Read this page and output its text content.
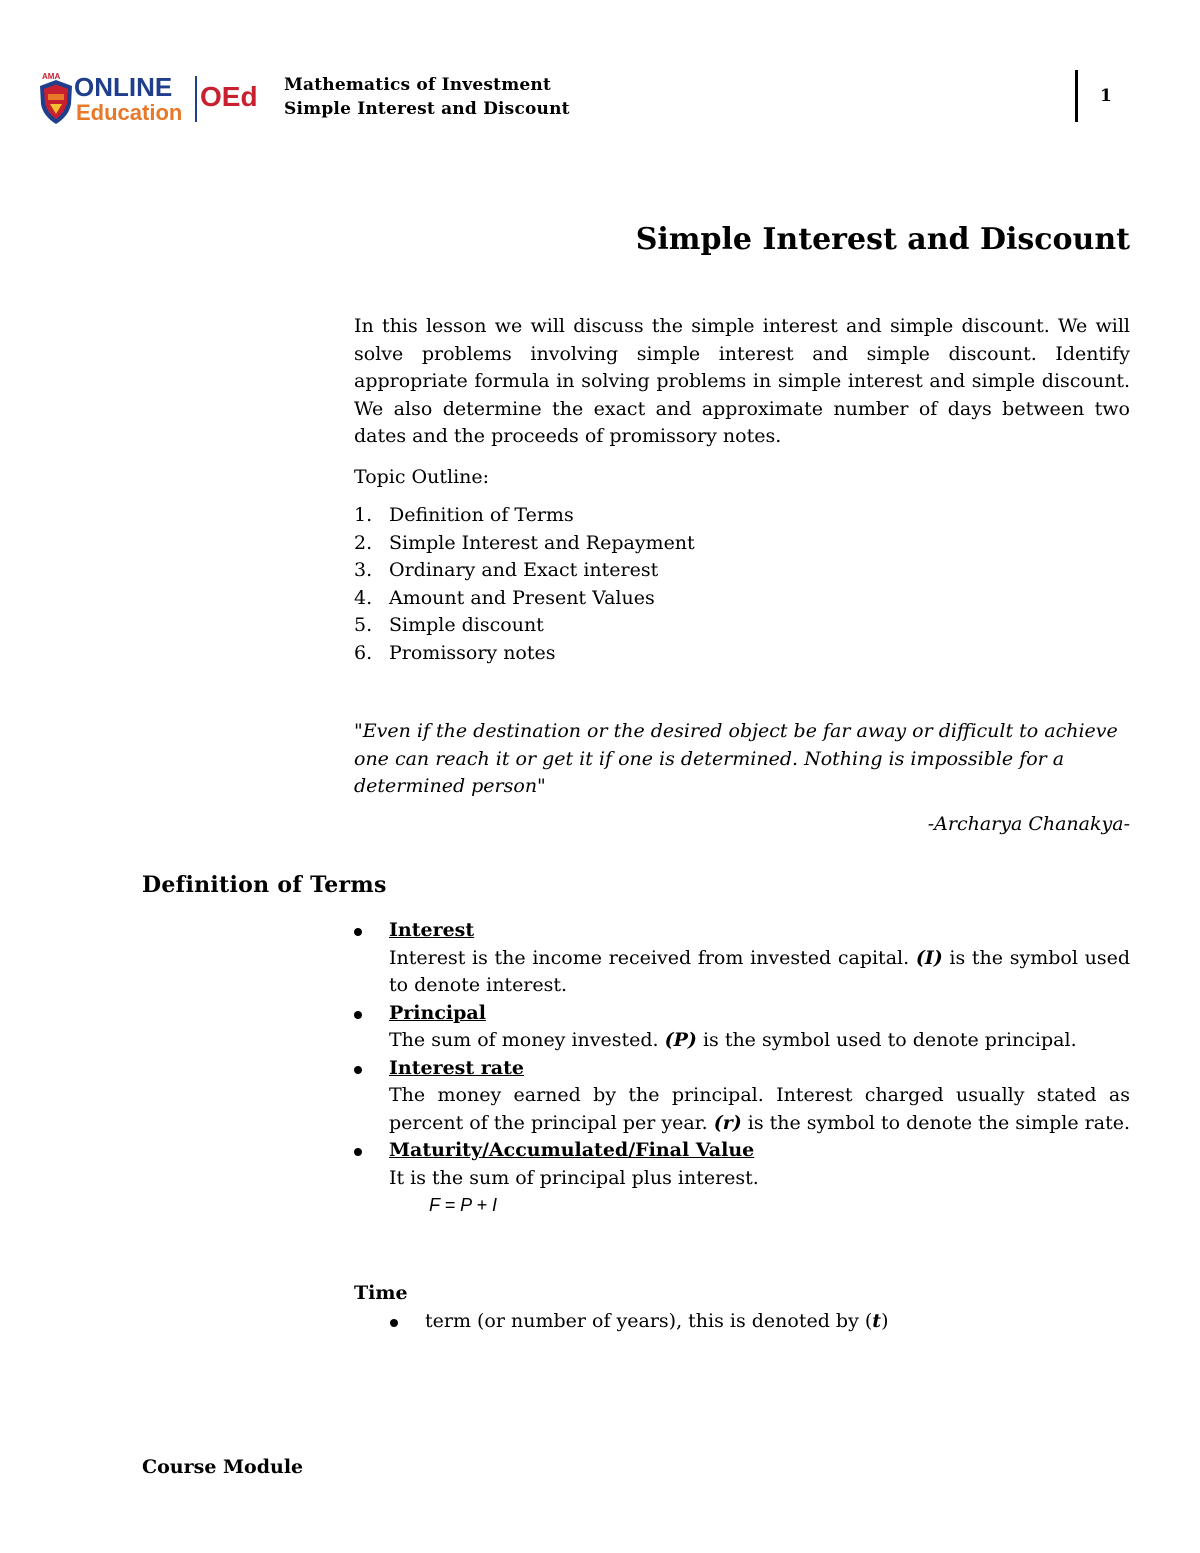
AMA ONLINE
Education
OEd Mathematics of Investment
Simple Interest and Discount
1
Simple Interest and Discount

In this lesson we will discuss the simple interest and simple discount. We will solve problems involving simple interest and simple discount. Identify appropriate formula in solving problems in simple interest and simple discount. We also determine the exact and approximate number of days between two dates and the proceeds of promissory notes.

Topic Outline:

1. Definition of Terms
2. Simple Interest and Repayment
3. Ordinary and Exact interest
4. Amount and Present Values
5. Simple discount
6. Promissory notes

"Even if the destination or the desired object be far away or difficult to achieve one can reach it or get it if one is determined. Nothing is impossible for a determined person"

-Archarya Chanakya-
Definition of Terms
Interest
Interest is the income received from invested capital. (I) is the symbol used to denote interest.
Principal
The sum of money invested. (P) is the symbol used to denote principal.
Interest rate
The money earned by the principal. Interest charged usually stated as percent of the principal per year. (r) is the symbol to denote the simple rate.
Maturity/Accumulated/Final Value
It is the sum of principal plus interest.
F = P + I

Time

term (or number of years), this is denoted by (t)
Course Module
